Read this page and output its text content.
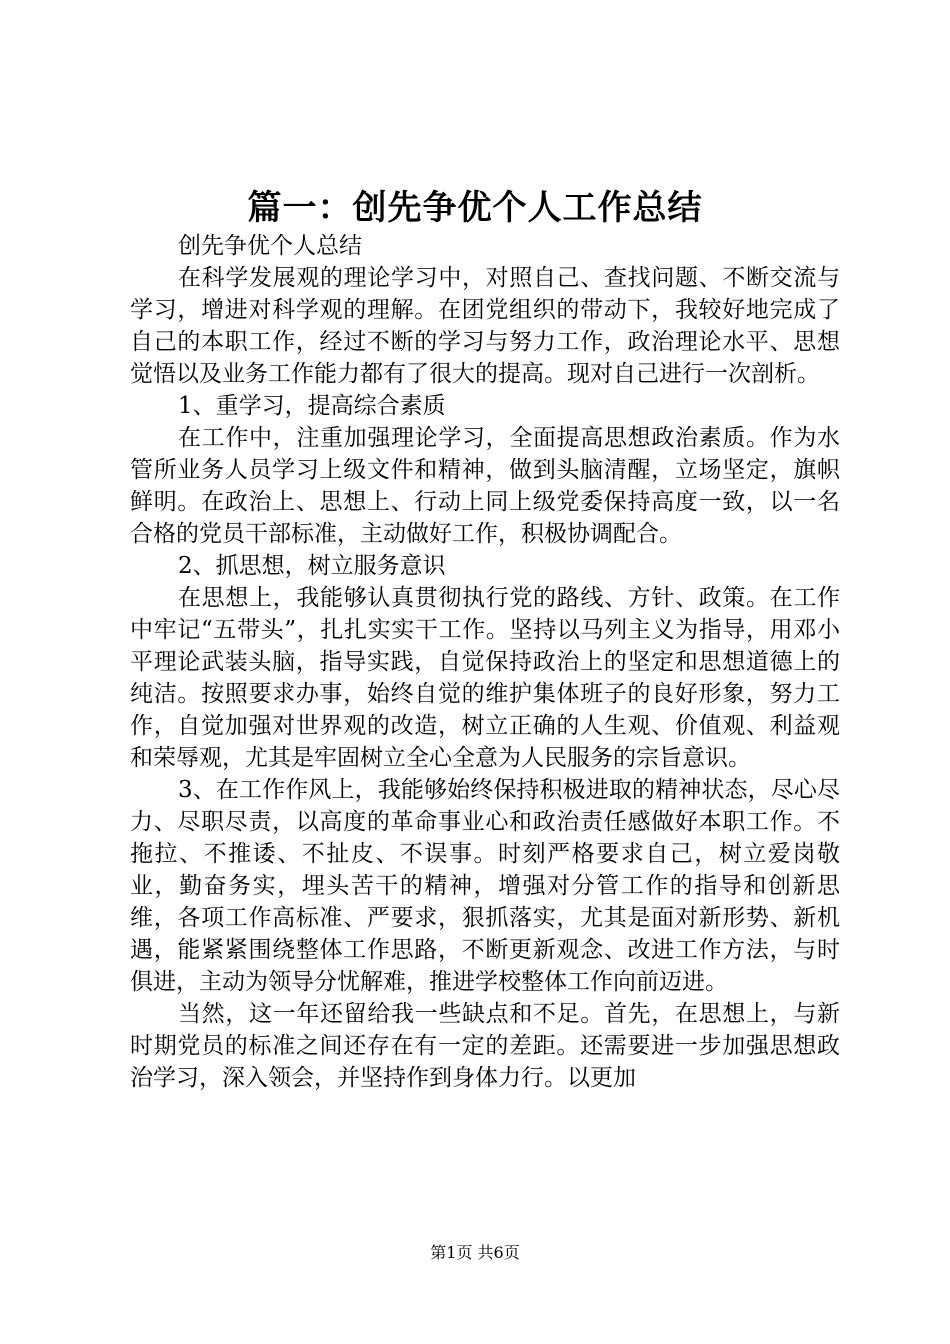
篇一：创先争优个人工作总结

创先争优个人总结

在科学发展观的理论学习中，对照自己、查找问题、不断交流与学习，增进对科学观的理解。在团党组织的带动下，我较好地完成了自己的本职工作，经过不断的学习与努力工作，政治理论水平、思想觉悟以及业务工作能力都有了很大的提高。现对自己进行一次剖析。

1、重学习，提高综合素质

在工作中，注重加强理论学习，全面提高思想政治素质。作为水管所业务人员学习上级文件和精神，做到头脑清醒，立场坚定，旗帜鲜明。在政治上、思想上、行动上同上级党委保持高度一致，以一名合格的党员干部标准，主动做好工作，积极协调配合。

2、抓思想，树立服务意识

在思想上，我能够认真贯彻执行党的路线、方针、政策。在工作中牢记“五带头”，扎扎实实干工作。坚持以马列主义为指导，用邓小平理论武装头脑，指导实践，自觉保持政治上的坚定和思想道德上的纯洁。按照要求办事，始终自觉的维护集体班子的良好形象，努力工作，自觉加强对世界观的改造，树立正确的人生观、价值观、利益观和荣辱观，尤其是牢固树立全心全意为人民服务的宗旨意识。

3、在工作作风上，我能够始终保持积极进取的精神状态，尽心尽力、尽职尽责，以高度的革命事业心和政治责任感做好本职工作。不拖拉、不推诿、不扯皮、不误事。时刻严格要求自己，树立爱岗敬业，勤奋务实，埋头苦干的精神，增强对分管工作的指导和创新思维，各项工作高标准、严要求，狠抓落实，尤其是面对新形势、新机遇，能紧紧围绕整体工作思路，不断更新观念、改进工作方法，与时俱进，主动为领导分忧解难，推进学校整体工作向前迈进。

当然，这一年还留给我一些缺点和不足。首先，在思想上，与新时期党员的标准之间还存在有一定的差距。还需要进一步加强思想政治学习，深入领会，并坚持作到身体力行。以更加

第1页 共6页
